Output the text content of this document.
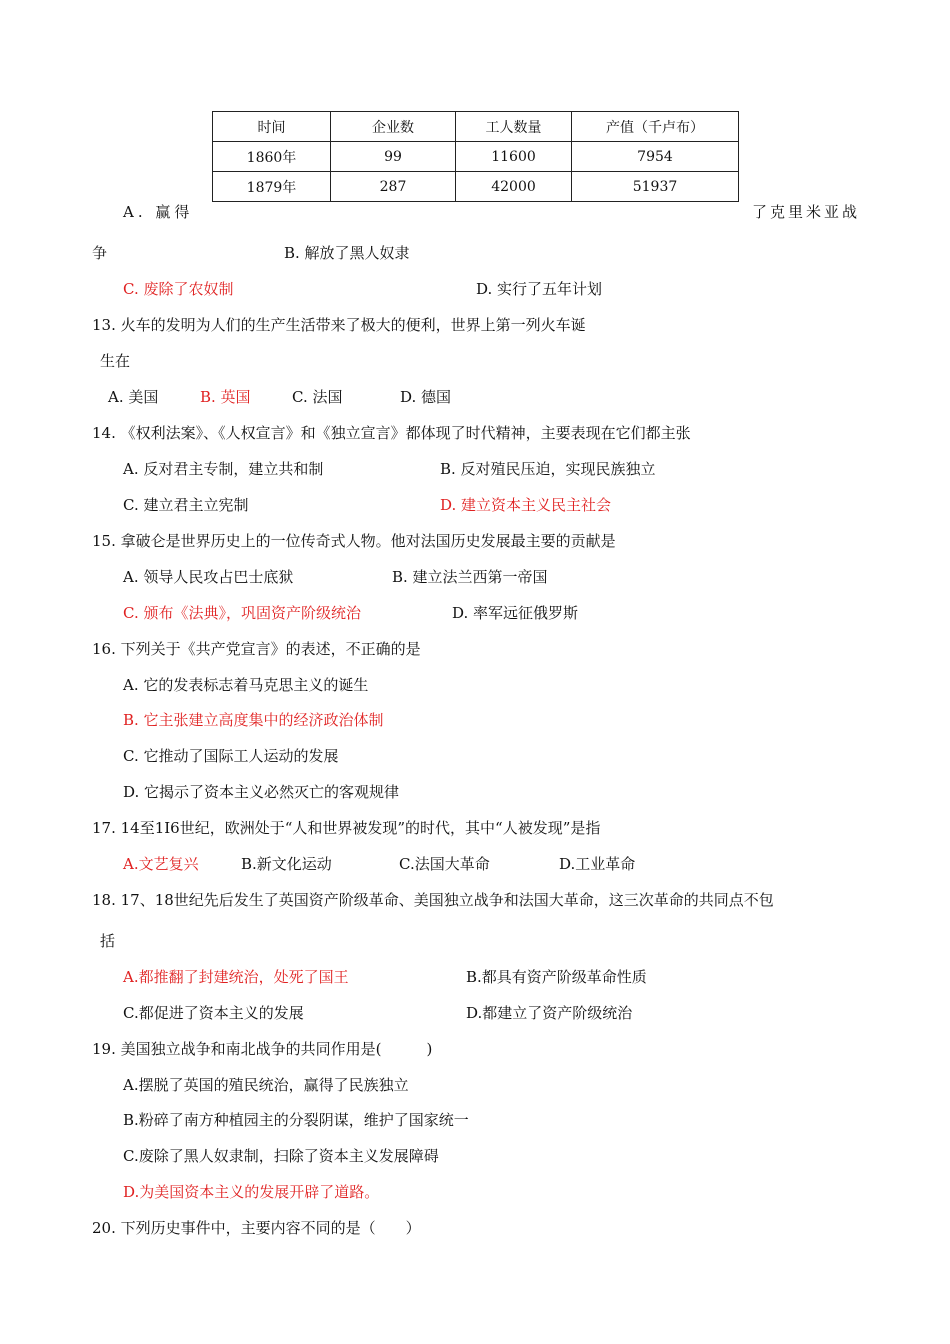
时间	企业数	工人数量	产值（千卢布）
1860年	99	11600	7954
1879年	287	42000	51937
A. 赢得	了克里米亚战
争	B. 解放了黑人奴隶
C. 废除了农奴制	D. 实行了五年计划
13. 火车的发明为人们的生产生活带来了极大的便利，世界上第一列火车诞
生在
A. 美国	B. 英国	C. 法国	D. 德国
14. 《权利法案》、《人权宣言》和《独立宣言》都体现了时代精神，主要表现在它们都主张
A. 反对君主专制，建立共和制	B. 反对殖民压迫，实现民族独立
C. 建立君主立宪制	D. 建立资本主义民主社会
15. 拿破仑是世界历史上的一位传奇式人物。他对法国历史发展最主要的贡献是
A. 领导人民攻占巴士底狱	B. 建立法兰西第一帝国
C. 颁布《法典》，巩固资产阶级统治	D. 率军远征俄罗斯
16. 下列关于《共产党宣言》的表述，不正确的是
A. 它的发表标志着马克思主义的诞生
B. 它主张建立高度集中的经济政治体制
C. 它推动了国际工人运动的发展
D. 它揭示了资本主义必然灭亡的客观规律
17. 14至1I6世纪，欧洲处于“人和世界被发现”的时代，其中“人被发现”是指
A.文艺复兴	B.新文化运动	C.法国大革命	D.工业革命
18. 17、18世纪先后发生了英国资产阶级革命、美国独立战争和法国大革命，这三次革命的共同点不包
括
A.都推翻了封建统治，处死了国王	B.都具有资产阶级革命性质
C.都促进了资本主义的发展	D.都建立了资产阶级统治
19. 美国独立战争和南北战争的共同作用是(　　　)
A.摆脱了英国的殖民统治，赢得了民族独立
B.粉碎了南方种植园主的分裂阴谋，维护了国家统一
C.废除了黑人奴隶制，扫除了资本主义发展障碍
D.为美国资本主义的发展开辟了道路。
20. 下列历史事件中，主要内容不同的是（　　）
